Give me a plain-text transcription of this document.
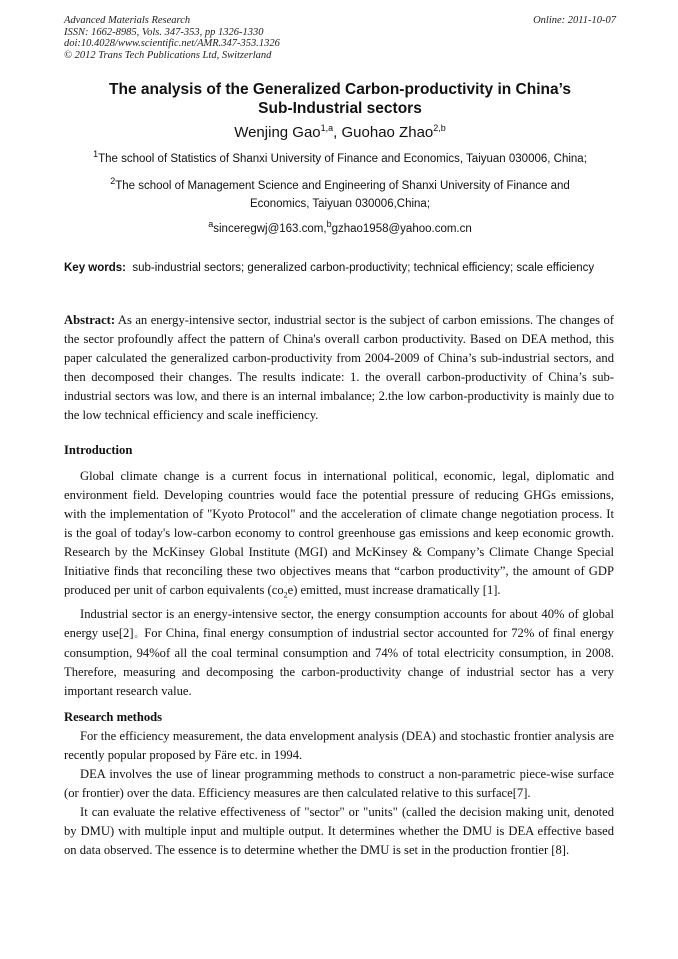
Advanced Materials Research
ISSN: 1662-8985, Vols. 347-353, pp 1326-1330
doi:10.4028/www.scientific.net/AMR.347-353.1326
© 2012 Trans Tech Publications Ltd, Switzerland
Online: 2011-10-07
The analysis of the Generalized Carbon-productivity in China’s
Sub-Industrial sectors
Wenjing Gao$^{1,a}$, Guohao Zhao$^{2,b}$
$^1$The school of Statistics of Shanxi University of Finance and Economics, Taiyuan 030006, China;
$^2$The school of Management Science and Engineering of Shanxi University of Finance and
Economics, Taiyuan 030006,China;
$^a$sinceregwj@163.com,$^b$gzhao1958@yahoo.com.cn
Key words: sub-industrial sectors; generalized carbon-productivity; technical efficiency; scale efficiency

Abstract: As an energy-intensive sector, industrial sector is the subject of carbon emissions. The changes of the sector profoundly affect the pattern of China's overall carbon productivity. Based on DEA method, this paper calculated the generalized carbon-productivity from 2004-2009 of China’s sub-industrial sectors, and then decomposed their changes. The results indicate: 1. the overall carbon-productivity of China’s sub-industrial sectors was low, and there is an internal imbalance; 2.the low carbon-productivity is mainly due to the low technical efficiency and scale inefficiency.

Introduction

Global climate change is a current focus in international political, economic, legal, diplomatic and environment field. Developing countries would face the potential pressure of reducing GHGs emissions, with the implementation of "Kyoto Protocol" and the acceleration of climate change negotiation process. It is the goal of today's low-carbon economy to control greenhouse gas emissions and keep economic growth. Research by the McKinsey Global Institute (MGI) and McKinsey & Company’s Climate Change Special Initiative finds that reconciling these two objectives means that “carbon productivity”, the amount of GDP produced per unit of carbon equivalents $(co_2e)$ emitted, must increase dramatically [1].

Industrial sector is an energy-intensive sector, the energy consumption accounts for about 40% of global energy use[2]。For China, final energy consumption of industrial sector accounted for 72% of final energy consumption, 94%of all the coal terminal consumption and 74% of total electricity consumption, in 2008. Therefore, measuring and decomposing the carbon-productivity change of industrial sector has a very important research value.

Research methods

For the efficiency measurement, the data envelopment analysis (DEA) and stochastic frontier analysis are recently popular proposed by Färe etc. in 1994.

DEA involves the use of linear programming methods to construct a non-parametric piece-wise surface (or frontier) over the data. Efficiency measures are then calculated relative to this surface[7].

It can evaluate the relative effectiveness of "sector" or "units" (called the decision making unit, denoted by DMU) with multiple input and multiple output. It determines whether the DMU is DEA effective based on data observed. The essence is to determine whether the DMU is set in the production frontier [8].
